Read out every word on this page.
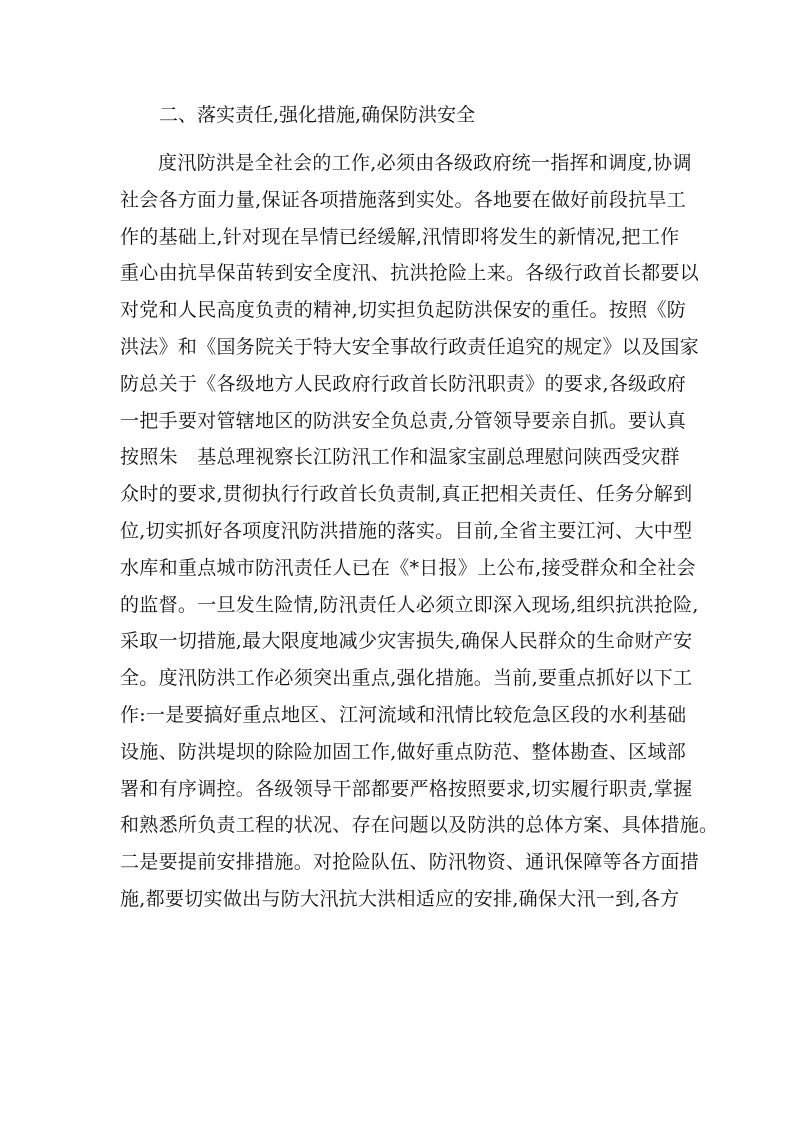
二、落实责任,强化措施,确保防洪安全
度汛防洪是全社会的工作,必须由各级政府统一指挥和调度,协调
社会各方面力量,保证各项措施落到实处。各地要在做好前段抗旱工
作的基础上,针对现在旱情已经缓解,汛情即将发生的新情况,把工作
重心由抗旱保苗转到安全度汛、抗洪抢险上来。各级行政首长都要以
对党和人民高度负责的精神,切实担负起防洪保安的重任。按照《防
洪法》和《国务院关于特大安全事故行政责任追究的规定》以及国家
防总关于《各级地方人民政府行政首长防汛职责》的要求,各级政府
一把手要对管辖地区的防洪安全负总责,分管领导要亲自抓。要认真
按照朱　基总理视察长江防汛工作和温家宝副总理慰问陕西受灾群
众时的要求,贯彻执行行政首长负责制,真正把相关责任、任务分解到
位,切实抓好各项度汛防洪措施的落实。目前,全省主要江河、大中型
水库和重点城市防汛责任人已在《*日报》上公布,接受群众和全社会
的监督。一旦发生险情,防汛责任人必须立即深入现场,组织抗洪抢险,
采取一切措施,最大限度地减少灾害损失,确保人民群众的生命财产安
全。度汛防洪工作必须突出重点,强化措施。当前,要重点抓好以下工
作:一是要搞好重点地区、江河流域和汛情比较危急区段的水利基础
设施、防洪堤坝的除险加固工作,做好重点防范、整体勘查、区域部
署和有序调控。各级领导干部都要严格按照要求,切实履行职责,掌握
和熟悉所负责工程的状况、存在问题以及防洪的总体方案、具体措施。
二是要提前安排措施。对抢险队伍、防汛物资、通讯保障等各方面措
施,都要切实做出与防大汛抗大洪相适应的安排,确保大汛一到,各方
